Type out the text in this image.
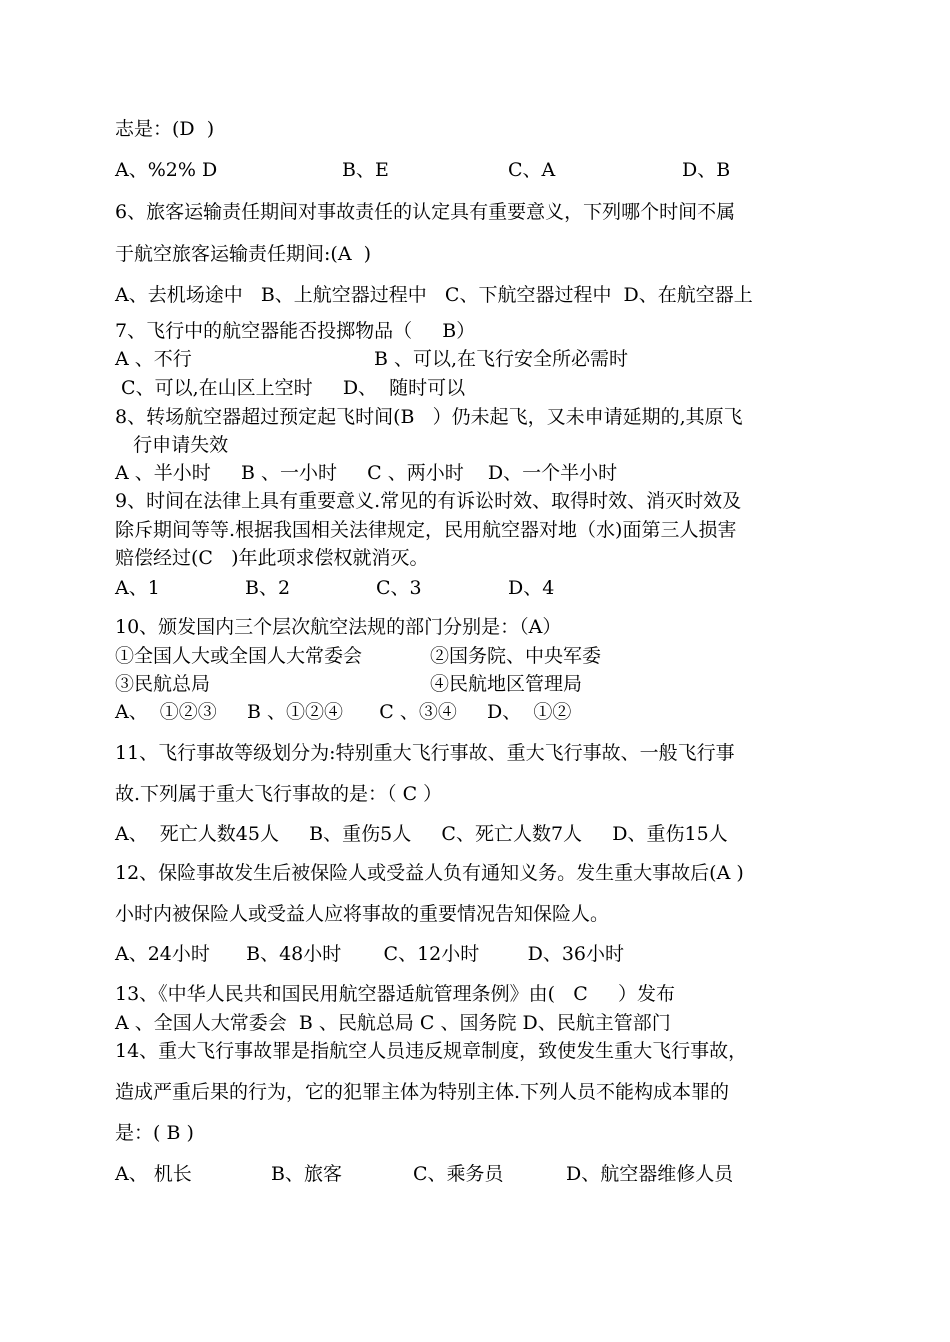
志是：(D  )
A、%2% D	B、E	C、A	D、B
6、旅客运输责任期间对事故责任的认定具有重要意义，下列哪个时间不属
于航空旅客运输责任期间:(A  )
A、去机场途中   B、上航空器过程中   C、下航空器过程中  D、在航空器上
7、飞行中的航空器能否投掷物品（     B）
A 、不行	B 、可以,在飞行安全所必需时
C、可以,在山区上空时     D、  随时可以
8、转场航空器超过预定起飞时间(B   ）仍未起飞，又未申请延期的,其原飞
行申请失效
A 、半小时     B 、一小时     C 、两小时    D、一个半小时
9、时间在法律上具有重要意义.常见的有诉讼时效、取得时效、消灭时效及
除斥期间等等.根据我国相关法律规定，民用航空器对地（水)面第三人损害
赔偿经过(C   )年此项求偿权就消灭。
A、1	B、2	C、3	D、4
10、颁发国内三个层次航空法规的部门分别是：（A）
①全国人大或全国人大常委会	②国务院、中央军委
③民航总局	④民航地区管理局
A、  ①②③     B 、①②④      C 、③④     D、  ①②
11、飞行事故等级划分为:特别重大飞行事故、重大飞行事故、一般飞行事
故.下列属于重大飞行事故的是：（ C ）
A、  死亡人数45人     B、重伤5人     C、死亡人数7人     D、重伤15人
12、保险事故发生后被保险人或受益人负有通知义务。发生重大事故后(A )
小时内被保险人或受益人应将事故的重要情况告知保险人。
A、24小时      B、48小时       C、12小时        D、36小时
13、《中华人民共和国民用航空器适航管理条例》由(   C     ）发布
A 、全国人大常委会  B 、民航总局 C 、国务院 D、民航主管部门
14、重大飞行事故罪是指航空人员违反规章制度，致使发生重大飞行事故，
造成严重后果的行为，它的犯罪主体为特别主体.下列人员不能构成本罪的
是：( B )
A、 机长	B、旅客	C、乘务员	D、航空器维修人员
